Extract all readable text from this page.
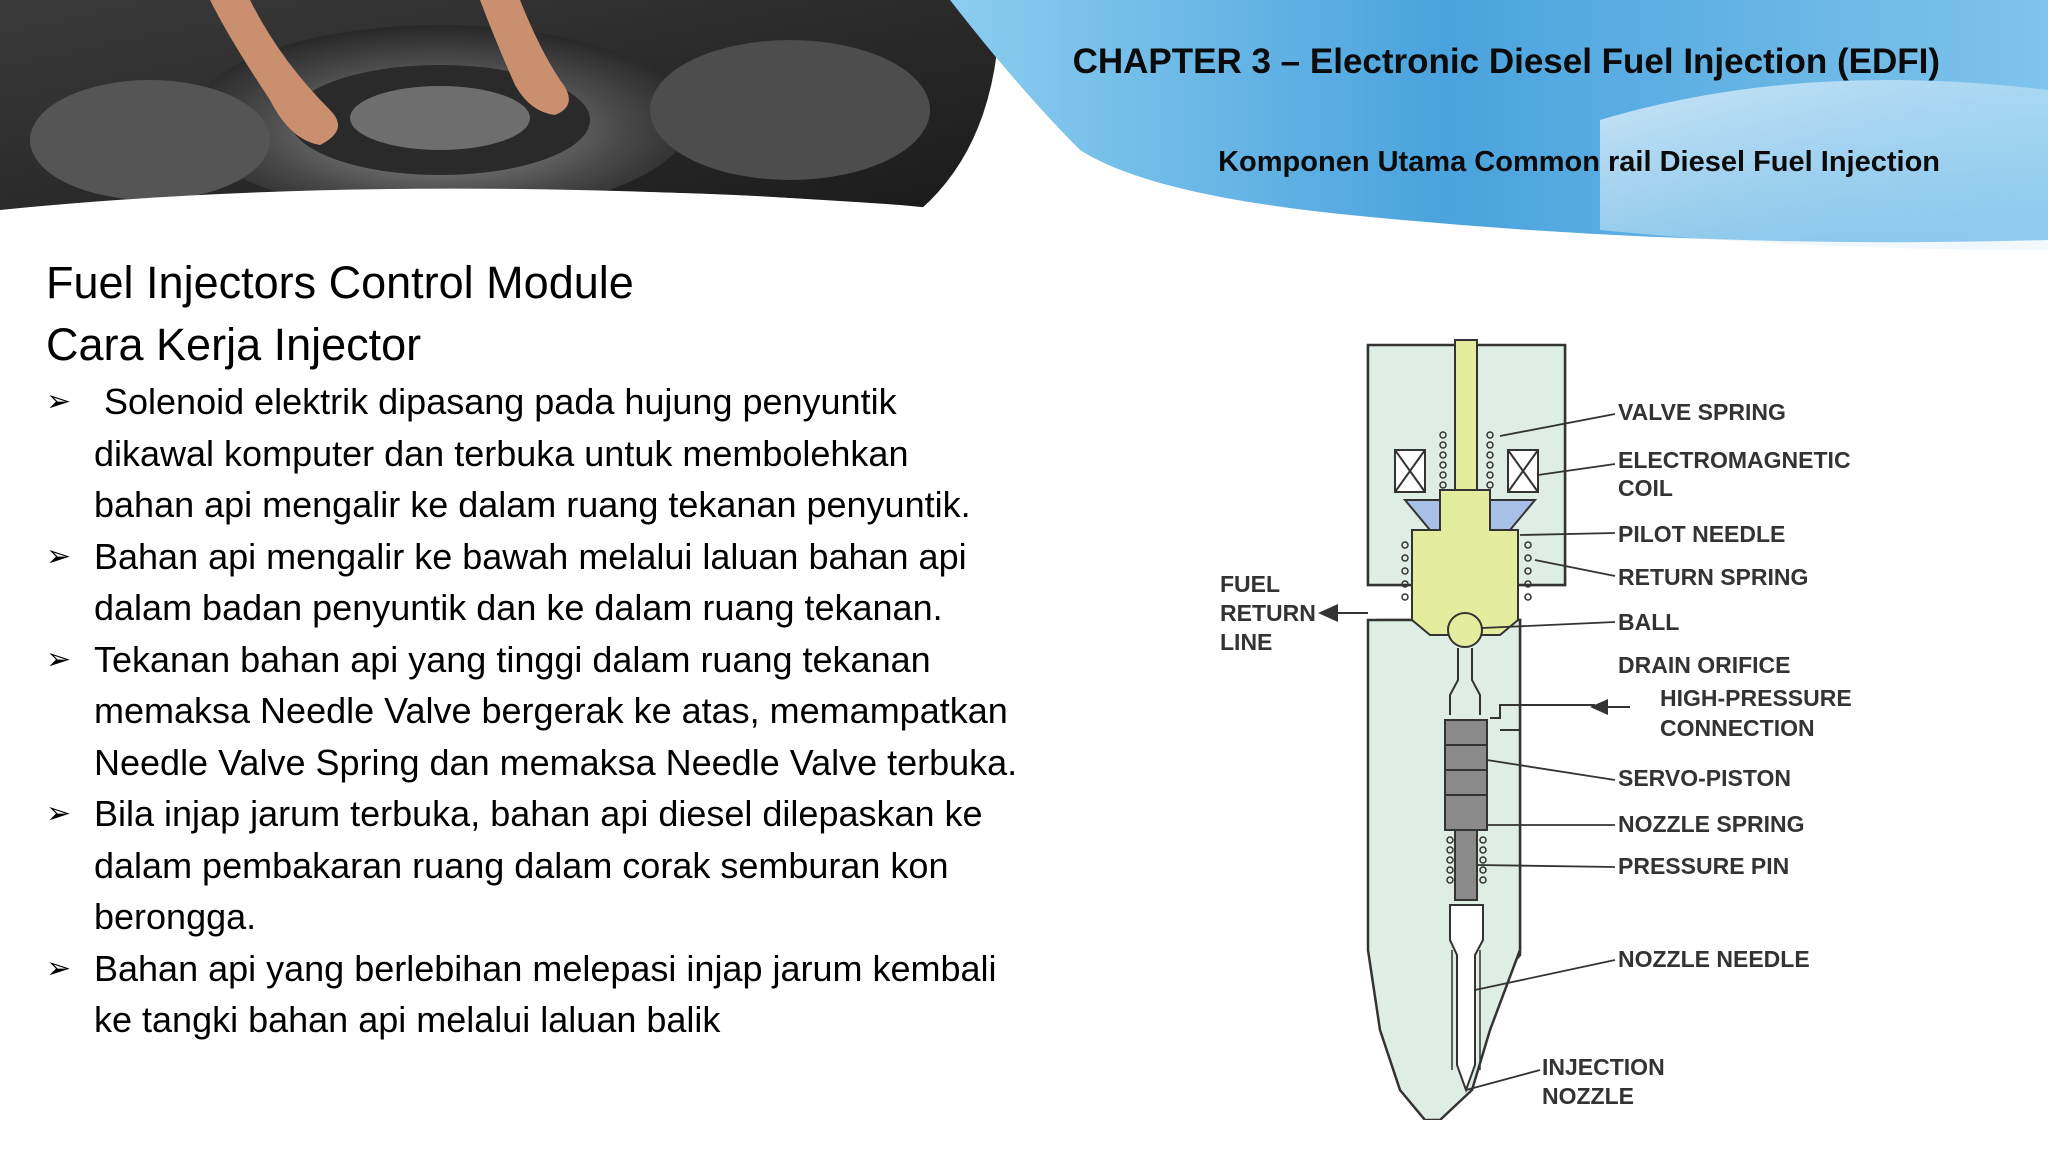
CHAPTER 3 – Electronic Diesel Fuel Injection (EDFI)
Komponen Utama Common rail Diesel Fuel Injection
Fuel Injectors Control Module
Cara Kerja Injector
➢ Solenoid elektrik dipasang pada hujung penyuntik
dikawal komputer dan terbuka untuk membolehkan
bahan api mengalir ke dalam ruang tekanan penyuntik.
➢ Bahan api mengalir ke bawah melalui laluan bahan api
dalam badan penyuntik dan ke dalam ruang tekanan.
➢ Tekanan bahan api yang tinggi dalam ruang tekanan
memaksa Needle Valve bergerak ke atas, memampatkan
Needle Valve Spring dan memaksa Needle Valve terbuka.
➢ Bila injap jarum terbuka, bahan api diesel dilepaskan ke
dalam pembakaran ruang dalam corak semburan kon
berongga.
➢ Bahan api yang berlebihan melepasi injap jarum kembali
ke tangki bahan api melalui laluan balik
VALVE SPRING
ELECTROMAGNETIC
COIL
PILOT NEEDLE
RETURN SPRING
BALL
DRAIN ORIFICE
HIGH-PRESSURE
CONNECTION
SERVO-PISTON
NOZZLE SPRING
PRESSURE PIN
NOZZLE NEEDLE
INJECTION
NOZZLE
FUEL
RETURN
LINE
